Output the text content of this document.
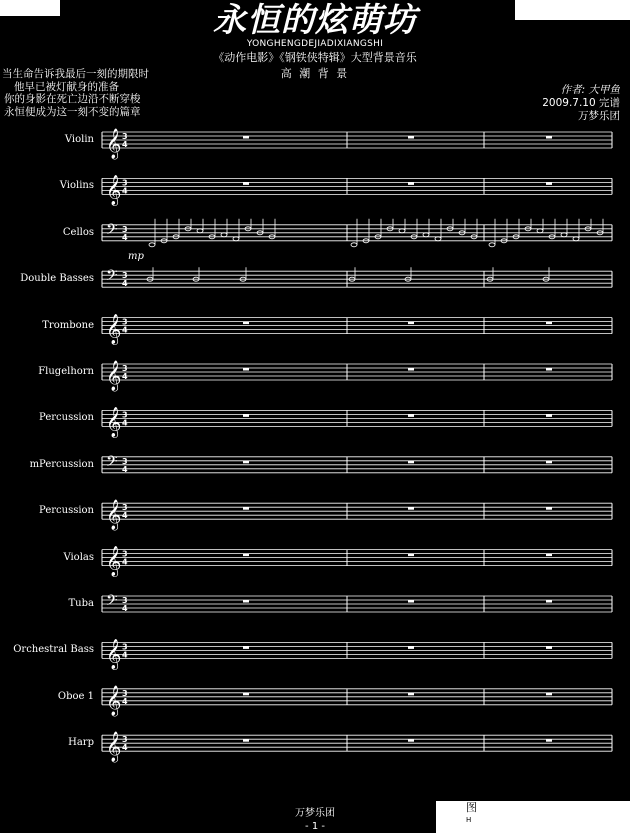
永恒的炫萌坊
YONGHENGDEJIADIXIANGSHI
《动作电影》《钢铁侠特辑》大型背景音乐
高 潮 背 景
当生命告诉我最后一刻的期限时
他早已被灯献身的准备
你的身影在死亡边沿不断穿梭
永恒便成为这一刻不变的篇章
作者: 大甲鱼
2009.7.10 完谱
万梦乐团
Violin
Violins
Cellos
Double Basses
Trombone
Flugelhorn
Percussion
mPercussion
Percussion
Violas
Tuba
Orchestral Bass
Oboe 1
Harp
𝄞 3
4
𝄞 3
4
𝄢 3
4
mp
𝄢 3
4
𝄞 3
4
𝄞 3
4
𝄞 3
4
𝄢 3
4
𝄞 3
4
𝄞 3
4
𝄢 3
4
𝄞 3
4
𝄞 3
4
𝄞 3
4
万梦乐团
- 1 -
图
H
